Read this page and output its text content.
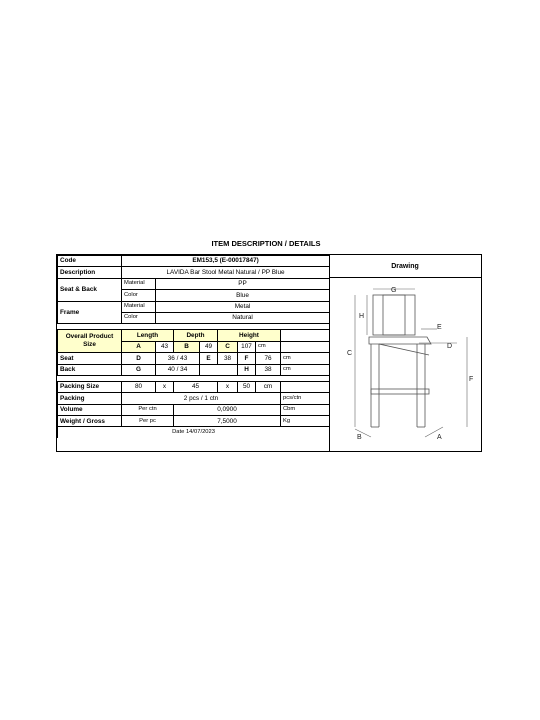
ITEM DESCRIPTION / DETAILS
Code	EM153,5 (E-00017847)							
Description	LAVIDA Bar Stool Metal Natural / PP Blue							
Seat & Back	Material	PP						
	Color	Blue						
Frame	Material	Metal						
	Color	Natural						

Overall Product Size	Length		Depth		Height			
	A	43	B	49	C	107	cm	
Seat	D	36 / 43		E	38	F	76	cm
Back	G	40 / 34				H	38	cm

Packing Size	80	x	45		x	50	cm	
Packing	2 pcs / 1 ctn							pcs/ctn
Volume	Per ctn		0,0900					Cbm
Weight / Gross	Per pc		7,5000					Kg
Date 14/07/2023								
Drawing
G
H
C
E
D
F
B	A
